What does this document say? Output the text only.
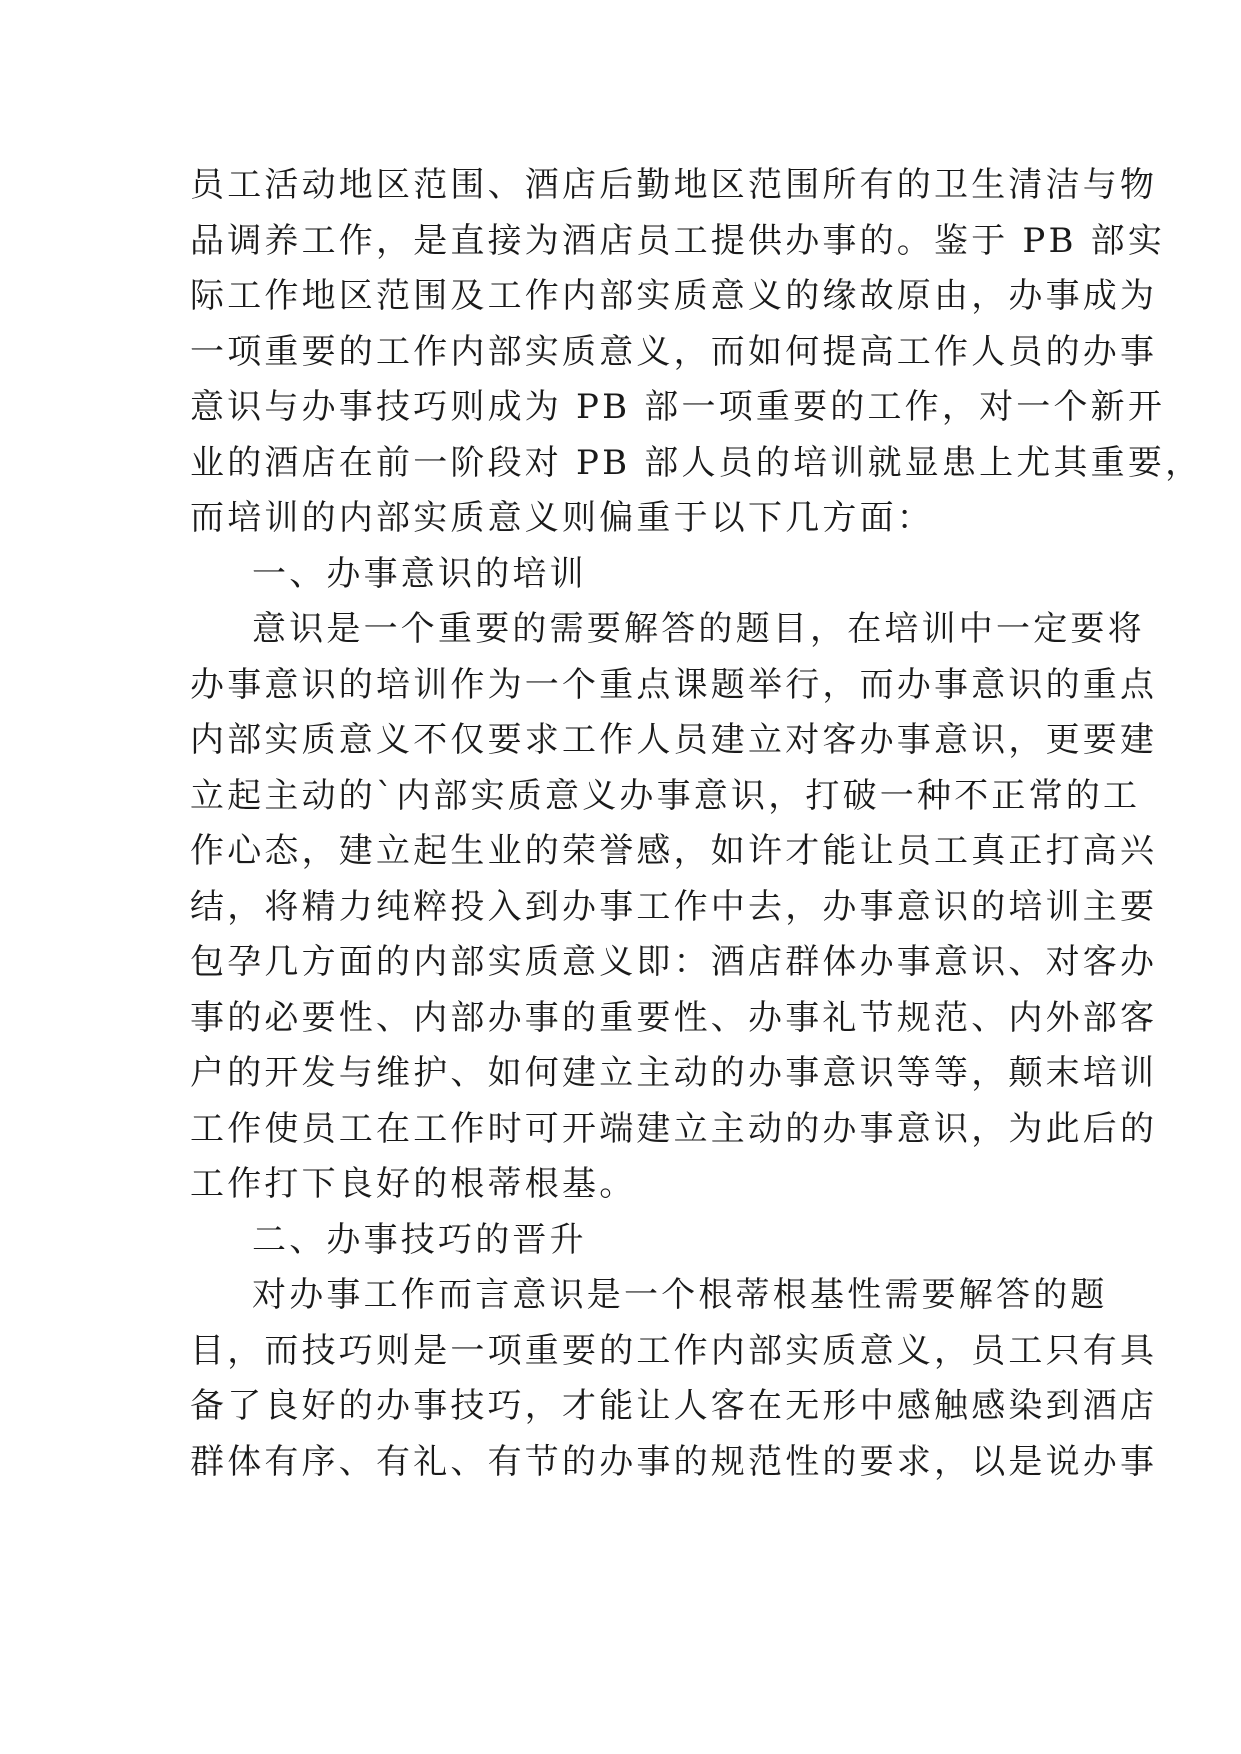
员工活动地区范围、酒店后勤地区范围所有的卫生清洁与物
品调养工作，是直接为酒店员工提供办事的。鉴于 PB 部实
际工作地区范围及工作内部实质意义的缘故原由，办事成为
一项重要的工作内部实质意义，而如何提高工作人员的办事
意识与办事技巧则成为 PB 部一项重要的工作，对一个新开
业的酒店在前一阶段对 PB 部人员的培训就显患上尤其重要，
而培训的内部实质意义则偏重于以下几方面：
一、办事意识的培训
意识是一个重要的需要解答的题目，在培训中一定要将
办事意识的培训作为一个重点课题举行，而办事意识的重点
内部实质意义不仅要求工作人员建立对客办事意识，更要建
立起主动的`内部实质意义办事意识，打破一种不正常的工
作心态，建立起生业的荣誉感，如许才能让员工真正打高兴
结，将精力纯粹投入到办事工作中去，办事意识的培训主要
包孕几方面的内部实质意义即：酒店群体办事意识、对客办
事的必要性、内部办事的重要性、办事礼节规范、内外部客
户的开发与维护、如何建立主动的办事意识等等，颠末培训
工作使员工在工作时可开端建立主动的办事意识，为此后的
工作打下良好的根蒂根基。
二、办事技巧的晋升
对办事工作而言意识是一个根蒂根基性需要解答的题
目，而技巧则是一项重要的工作内部实质意义，员工只有具
备了良好的办事技巧，才能让人客在无形中感触感染到酒店
群体有序、有礼、有节的办事的规范性的要求，以是说办事
